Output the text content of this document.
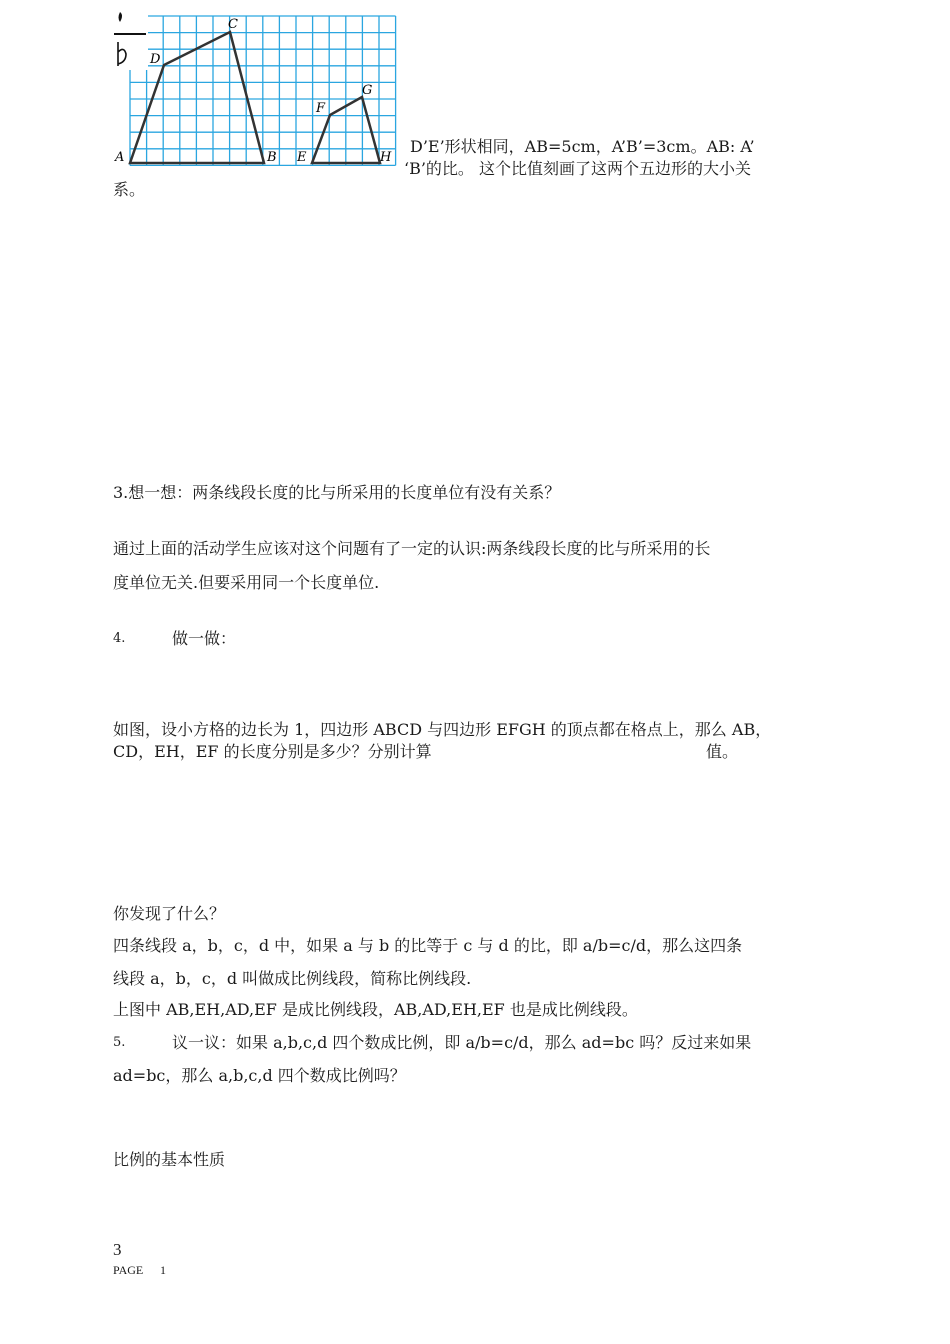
A	B
C
D
E
F
G
H
D’E’形状相同，AB=5cm，A’B’=3cm。AB: A’
‘B’的比。 这个比值刻画了这两个五边形的大小关
系。
3.想一想：两条线段长度的比与所采用的长度单位有没有关系？
通过上面的活动学生应该对这个问题有了一定的认识:两条线段长度的比与所采用的长
度单位无关.但要采用同一个长度单位.
4.	做一做：
如图，设小方格的边长为 1，四边形 ABCD 与四边形 EFGH 的顶点都在格点上，那么 AB，
CD，EH，EF 的长度分别是多少？分别计算	值。
你发现了什么？
四条线段 a，b，c，d 中，如果 a 与 b 的比等于 c 与 d 的比，即 a/b=c/d，那么这四条
线段 a，b，c，d 叫做成比例线段，简称比例线段.
上图中 AB,EH,AD,EF 是成比例线段，AB,AD,EH,EF 也是成比例线段。
5.	议一议：如果 a,b,c,d 四个数成比例，即 a/b=c/d，那么 ad=bc 吗？反过来如果
ad=bc，那么 a,b,c,d 四个数成比例吗？
比例的基本性质
3
PAGE 1
